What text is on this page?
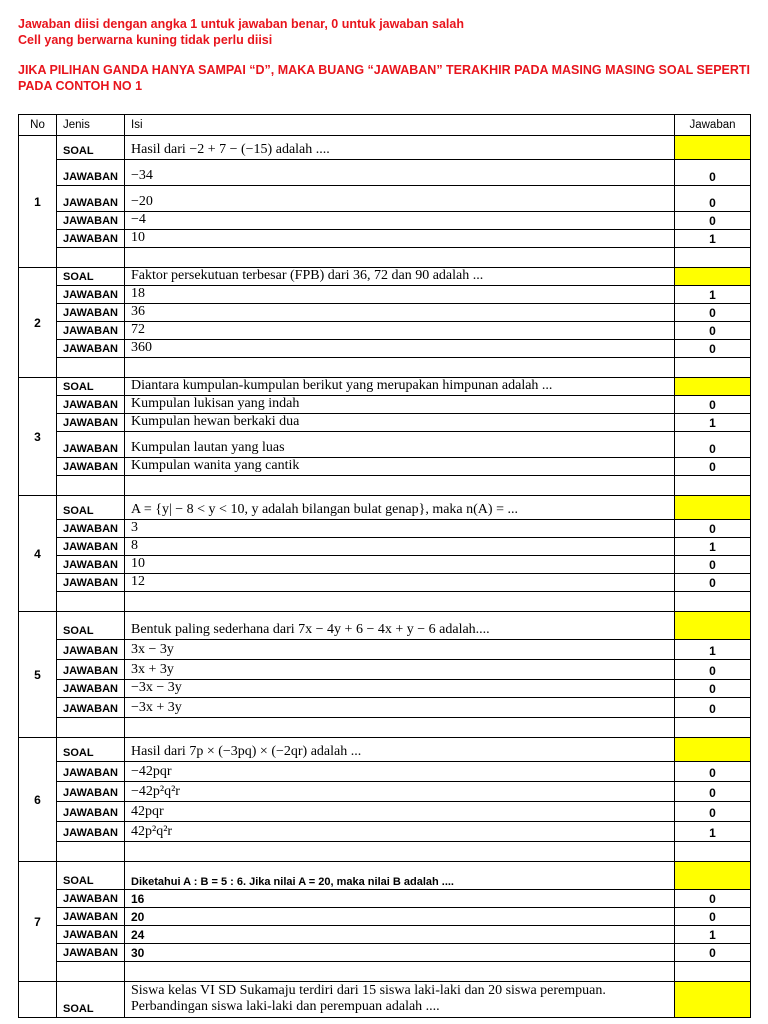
Jawaban diisi dengan angka 1 untuk jawaban benar, 0 untuk jawaban salah
Cell yang berwarna kuning tidak perlu diisi
JIKA PILIHAN GANDA HANYA SAMPAI “D”, MAKA BUANG “JAWABAN” TERAKHIR PADA MASING MASING SOAL SEPERTI PADA CONTOH NO 1
No	Jenis	Isi	Jawaban
1	SOAL	Hasil dari −2 + 7 − (−15) adalah ....	
	JAWABAN	−34	0
	JAWABAN	−20	0
	JAWABAN	−4	0
	JAWABAN	10	1

2	SOAL	Faktor persekutuan terbesar (FPB) dari 36, 72 dan 90 adalah ...	
	JAWABAN	18	1
	JAWABAN	36	0
	JAWABAN	72	0
	JAWABAN	360	0

3	SOAL	Diantara kumpulan-kumpulan berikut yang merupakan himpunan adalah ...	
	JAWABAN	Kumpulan lukisan yang indah	0
	JAWABAN	Kumpulan hewan berkaki dua	1
	JAWABAN	Kumpulan lautan yang luas	0
	JAWABAN	Kumpulan wanita yang cantik	0

4	SOAL	A = {y| − 8 < y < 10, y adalah bilangan bulat genap}, maka n(A) = ...	
	JAWABAN	3	0
	JAWABAN	8	1
	JAWABAN	10	0
	JAWABAN	12	0

5	SOAL	Bentuk paling sederhana dari 7x − 4y + 6 − 4x + y − 6 adalah....	
	JAWABAN	3x − 3y	1
	JAWABAN	3x + 3y	0
	JAWABAN	−3x − 3y	0
	JAWABAN	−3x + 3y	0

6	SOAL	Hasil dari 7p × (−3pq) × (−2qr) adalah ...	
	JAWABAN	−42pqr	0
	JAWABAN	−42p²q²r	0
	JAWABAN	42pqr	0
	JAWABAN	42p²q²r	1

7	SOAL	Diketahui A : B = 5 : 6. Jika nilai A = 20, maka nilai B adalah ....	
	JAWABAN	16	0
	JAWABAN	20	0
	JAWABAN	24	1
	JAWABAN	30	0

	SOAL	Siswa kelas VI SD Sukamaju terdiri dari 15 siswa laki-laki dan 20 siswa perempuan.
Perbandingan siswa laki-laki dan perempuan adalah ....	
